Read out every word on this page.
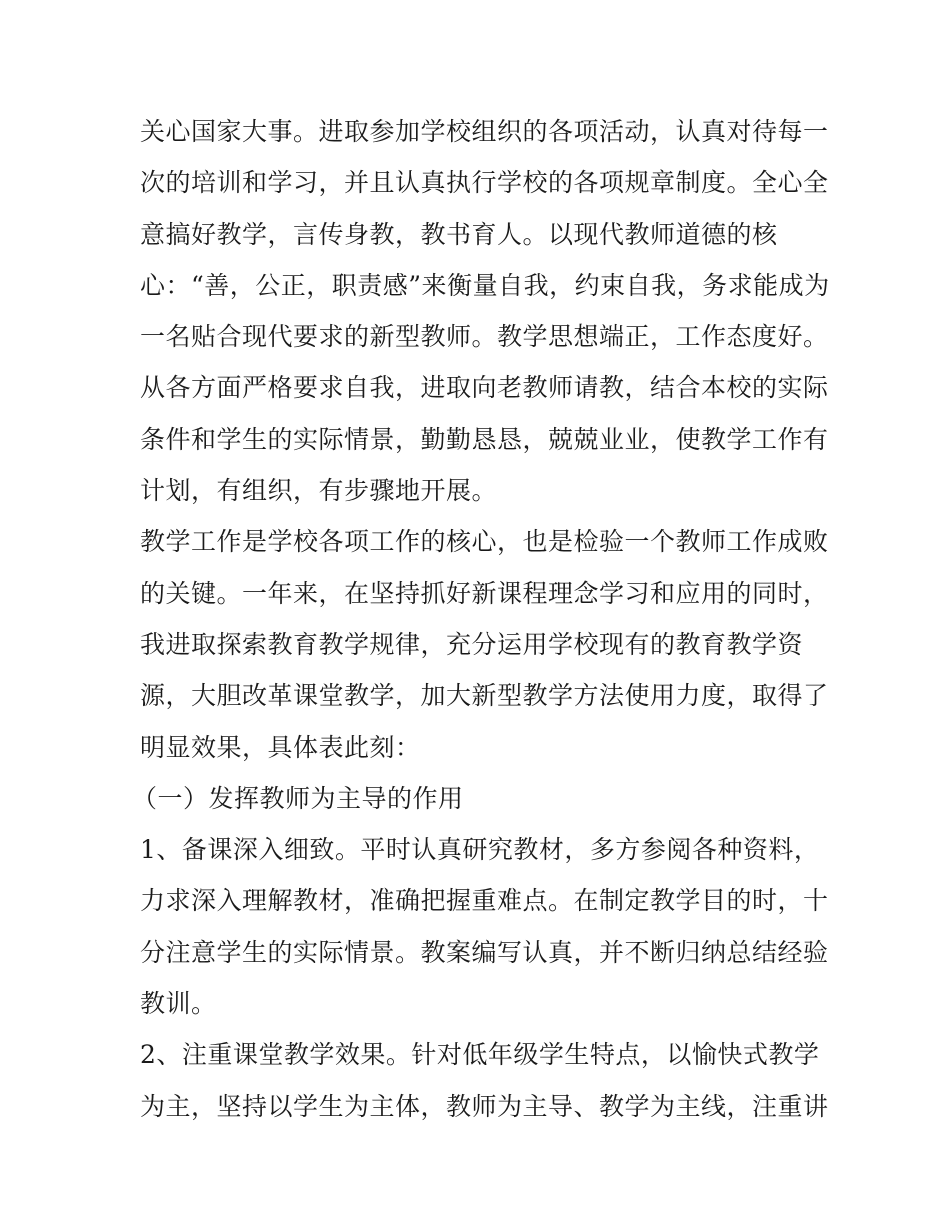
关心国家大事。进取参加学校组织的各项活动，认真对待每一
次的培训和学习，并且认真执行学校的各项规章制度。全心全
意搞好教学，言传身教，教书育人。以现代教师道德的核
心：“善，公正，职责感”来衡量自我，约束自我，务求能成为
一名贴合现代要求的新型教师。教学思想端正，工作态度好。
从各方面严格要求自我，进取向老教师请教，结合本校的实际
条件和学生的实际情景，勤勤恳恳，兢兢业业，使教学工作有
计划，有组织，有步骤地开展。
教学工作是学校各项工作的核心，也是检验一个教师工作成败
的关键。一年来，在坚持抓好新课程理念学习和应用的同时，
我进取探索教育教学规律，充分运用学校现有的教育教学资
源，大胆改革课堂教学，加大新型教学方法使用力度，取得了
明显效果，具体表此刻：
（一）发挥教师为主导的作用
1、备课深入细致。平时认真研究教材，多方参阅各种资料，
力求深入理解教材，准确把握重难点。在制定教学目的时，十
分注意学生的实际情景。教案编写认真，并不断归纳总结经验
教训。
2、注重课堂教学效果。针对低年级学生特点，以愉快式教学
为主，坚持以学生为主体，教师为主导、教学为主线，注重讲
